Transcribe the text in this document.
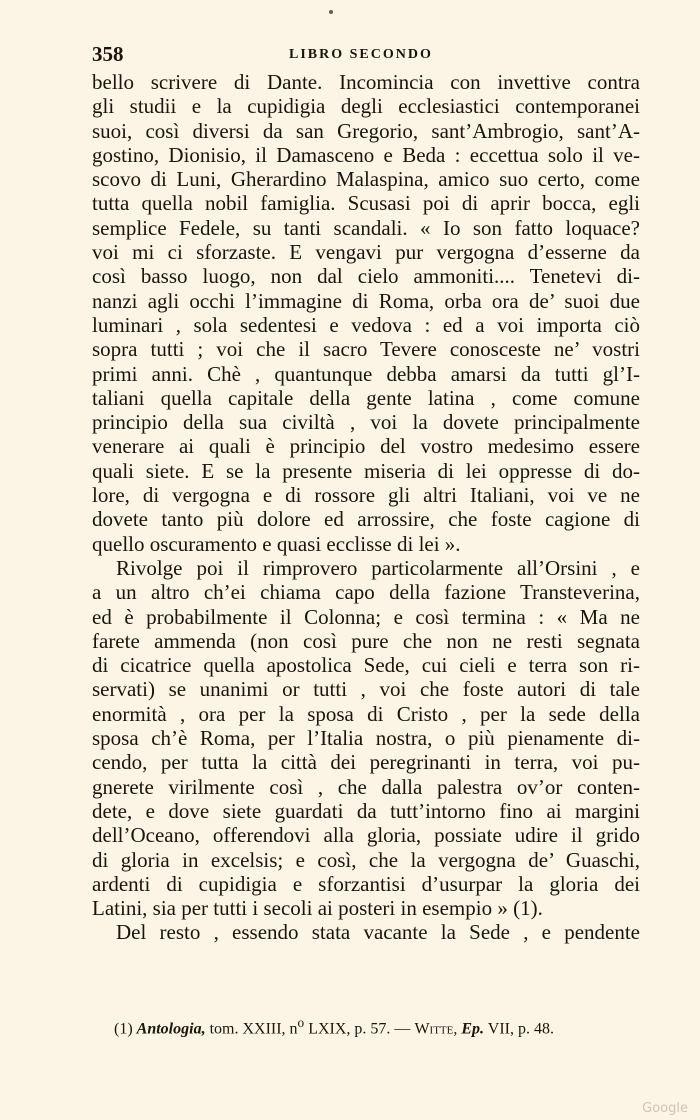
358	LIBRO SECONDO
bello scrivere di Dante. Incomincia con invettive contra
gli studii e la cupidigia degli ecclesiastici contemporanei
suoi, così diversi da san Gregorio, sant’Ambrogio, sant’A-
gostino, Dionisio, il Damasceno e Beda : eccettua solo il ve-
scovo di Luni, Gherardino Malaspina, amico suo certo, come
tutta quella nobil famiglia. Scusasi poi di aprir bocca, egli
semplice Fedele, su tanti scandali. « Io son fatto loquace?
voi mi ci sforzaste. E vengavi pur vergogna d’esserne da
così basso luogo, non dal cielo ammoniti.... Tenetevi di-
nanzi agli occhi l’immagine di Roma, orba ora de’ suoi due
luminari , sola sedentesi e vedova : ed a voi importa ciò
sopra tutti ; voi che il sacro Tevere conosceste ne’ vostri
primi anni. Chè , quantunque debba amarsi da tutti gl’I-
taliani quella capitale della gente latina , come comune
principio della sua civiltà , voi la dovete principalmente
venerare ai quali è principio del vostro medesimo essere
quali siete. E se la presente miseria di lei oppresse di do-
lore, di vergogna e di rossore gli altri Italiani, voi ve ne
dovete tanto più dolore ed arrossire, che foste cagione di
quello oscuramento e quasi ecclisse di lei ».
Rivolge poi il rimprovero particolarmente all’Orsini , e
a un altro ch’ei chiama capo della fazione Transteverina,
ed è probabilmente il Colonna; e così termina : « Ma ne
farete ammenda (non così pure che non ne resti segnata
di cicatrice quella apostolica Sede, cui cieli e terra son ri-
servati) se unanimi or tutti , voi che foste autori di tale
enormità , ora per la sposa di Cristo , per la sede della
sposa ch’è Roma, per l’Italia nostra, o più pienamente di-
cendo, per tutta la città dei peregrinanti in terra, voi pu-
gnerete virilmente così , che dalla palestra ov’or conten-
dete, e dove siete guardati da tutt’intorno fino ai margini
dell’Oceano, offerendovi alla gloria, possiate udire il grido
di gloria in excelsis; e così, che la vergogna de’ Guaschi,
ardenti di cupidigia e sforzantisi d’usurpar la gloria dei
Latini, sia per tutti i secoli ai posteri in esempio » (1).
Del resto , essendo stata vacante la Sede , e pendente
(1) Antologia, tom. XXIII, $n^o$ LXIX, p. 57. — Witte, Ep. VII, p. 48.
Google
